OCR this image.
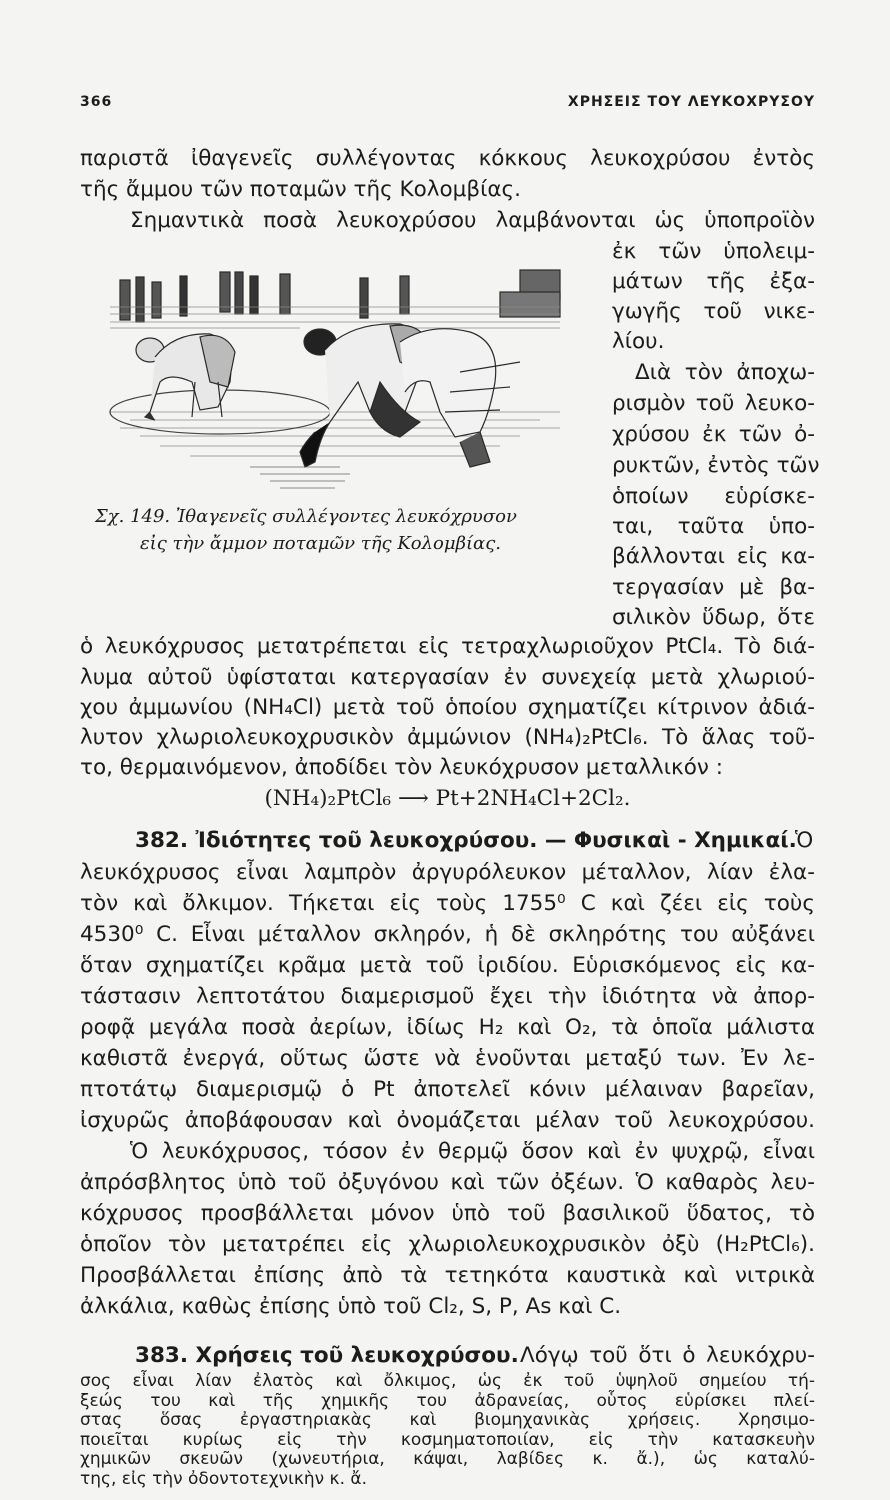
366	ΧΡΗΣΕΙΣ ΤΟΥ ΛΕΥΚΟΧΡΥΣΟΥ
παριστᾶ ἰθαγενεῖς συλλέγοντας κόκκους λευκοχρύσου ἐντὸς
τῆς ἄμμου τῶν ποταμῶν τῆς Κολομβίας.
Σημαντικὰ ποσὰ λευκοχρύσου λαμβάνονται ὡς ὑποπροϊὸν
ἐκ τῶν ὑπολειμ-
μάτων τῆς ἐξα-
γωγῆς τοῦ νικε-
λίου.
Διὰ τὸν ἀποχω-
ρισμὸν τοῦ λευκο-
χρύσου ἐκ τῶν ὀ-
ρυκτῶν, ἐντὸς τῶν
ὁποίων εὑρίσκε-
ται, ταῦτα ὑπο-
βάλλονται εἰς κα-
τεργασίαν μὲ βα-
σιλικὸν ὕδωρ, ὅτε
Σχ. 149. Ἰθαγενεῖς συλλέγοντες λευκόχρυσον
εἰς τὴν ἄμμον ποταμῶν τῆς Κολομβίας.
ὁ λευκόχρυσος μετατρέπεται εἰς τετραχλωριοῦχον PtCl₄. Τὸ διά-
λυμα αὐτοῦ ὑφίσταται κατεργασίαν ἐν συνεχείᾳ μετὰ χλωριού-
χου ἀμμωνίου (NH₄Cl) μετὰ τοῦ ὁποίου σχηματίζει κίτρινον ἀδιά-
λυτον χλωριολευκοχρυσικὸν ἀμμώνιον (NH₄)₂PtCl₆. Τὸ ἅλας τοῦ-
το, θερμαινόμενον, ἀποδίδει τὸν λευκόχρυσον μεταλλικόν :
(NH₄)₂PtCl₆ ⟶ Pt+2NH₄Cl+2Cl₂.
382. Ἰδιότητες τοῦ λευκοχρύσου. — Φυσικαὶ - Χημικαί.
Ὁ
λευκόχρυσος εἶναι λαμπρὸν ἀργυρόλευκον μέταλλον, λίαν ἐλα-
τὸν καὶ ὄλκιμον. Τήκεται εἰς τοὺς 1755⁰ C καὶ ζέει εἰς τοὺς
4530⁰ C. Εἶναι μέταλλον σκληρόν, ἡ δὲ σκληρότης του αὐξάνει
ὅταν σχηματίζει κρᾶμα μετὰ τοῦ ἰριδίου. Εὑρισκόμενος εἰς κα-
τάστασιν λεπτοτάτου διαμερισμοῦ ἔχει τὴν ἰδιότητα νὰ ἀπορ-
ροφᾷ μεγάλα ποσὰ ἀερίων, ἰδίως H₂ καὶ O₂, τὰ ὁποῖα μάλιστα
καθιστᾶ ἐνεργά, οὕτως ὥστε νὰ ἑνοῦνται μεταξύ των. Ἐν λε-
πτοτάτῳ διαμερισμῷ ὁ Pt ἀποτελεῖ κόνιν μέλαιναν βαρεῖαν,
ἰσχυρῶς ἀποβάφουσαν καὶ ὀνομάζεται μέλαν τοῦ λευκοχρύσου.
Ὁ λευκόχρυσος, τόσον ἐν θερμῷ ὅσον καὶ ἐν ψυχρῷ, εἶναι
ἀπρόσβλητος ὑπὸ τοῦ ὀξυγόνου καὶ τῶν ὀξέων. Ὁ καθαρὸς λευ-
κόχρυσος προσβάλλεται μόνον ὑπὸ τοῦ βασιλικοῦ ὕδατος, τὸ
ὁποῖον τὸν μετατρέπει εἰς χλωριολευκοχρυσικὸν ὀξὺ (H₂PtCl₆).
Προσβάλλεται ἐπίσης ἀπὸ τὰ τετηκότα καυστικὰ καὶ νιτρικὰ
ἀλκάλια, καθὼς ἐπίσης ὑπὸ τοῦ Cl₂, S, P, As καὶ C.
383. Χρήσεις τοῦ λευκοχρύσου. Λόγῳ τοῦ ὅτι ὁ λευκόχρυ-
σος εἶναι λίαν ἐλατὸς καὶ ὄλκιμος, ὡς ἐκ τοῦ ὑψηλοῦ σημείου τή-
ξεώς του καὶ τῆς χημικῆς του ἀδρανείας, οὗτος εὑρίσκει πλεί-
στας ὅσας ἐργαστηριακὰς καὶ βιομηχανικὰς χρήσεις. Χρησιμο-
ποιεῖται κυρίως εἰς τὴν κοσμηματοποιίαν, εἰς τὴν κατασκευὴν
χημικῶν σκευῶν (χωνευτήρια, κάψαι, λαβίδες κ. ἄ.), ὡς καταλύ-
της, εἰς τὴν ὀδοντοτεχνικὴν κ. ἄ.
